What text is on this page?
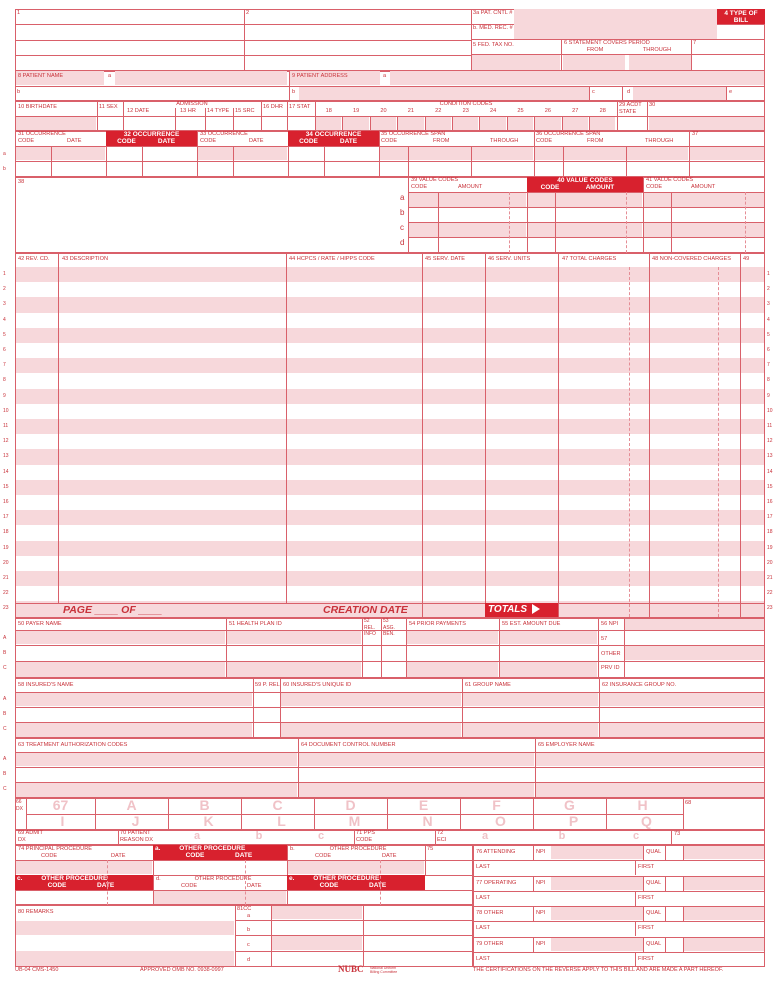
1	2	3a PAT. CNTL #
b. MED. REC. #
4 TYPE OF BILL
5 FED. TAX NO.	6 STATEMENT COVERS PERIOD
FROM	THROUGH
7
8 PATIENT NAME	a	9 PATIENT ADDRESS	a
b	b	c	d	e
10 BIRTHDATE	11 SEX	ADMISSION
12 DATE	13 HR 14 TYPE 15 SRC
16 DHR 17 STAT	CONDITION CODES
18	19	20	21	22	23	24	25	26	27	28
29 ACDT STATE
30
31 OCCURRENCE
CODE	DATE
32 OCCURRENCE
CODE	DATE
33 OCCURRENCE
CODE	DATE
34 OCCURRENCE
CODE	DATE
35 OCCURRENCE SPAN
CODE	FROM	THROUGH
36 OCCURRENCE SPAN
CODE	FROM	THROUGH
37
a
b
38	39 VALUE CODES
CODE	AMOUNT
40 VALUE CODES
CODE	AMOUNT
41 VALUE CODES
CODE	AMOUNT
a
b
c
d
42 REV. CD. 43 DESCRIPTION	44 HCPCS / RATE / HIPPS CODE	45 SERV. DATE	46 SERV. UNITS	47 TOTAL CHARGES	48 NON-COVERED CHARGES 49
1	1
2	2
3	3
4	4
5	5
6	6
7	7
8	8
9	9
10	10
11	11
12	12
13	13
14	14
15	15
16	16
17	17
18	18
19	19
20	20
21	21
22	22
23	23
PAGE ____ OF ____	CREATION DATE	TOTALS
50 PAYER NAME	51 HEALTH PLAN ID	52 REL. INFO
53 ASG. BEN.
54 PRIOR PAYMENTS	55 EST. AMOUNT DUE	56 NPI
57
OTHER
PRV ID
A
B
C
58 INSURED'S NAME	59 P. REL 60 INSURED'S UNIQUE ID	61 GROUP NAME	62 INSURANCE GROUP NO.
A
B
C
63 TREATMENT AUTHORIZATION CODES	64 DOCUMENT CONTROL NUMBER	65 EMPLOYER NAME
A
B
C
66 DX
68
67	A	B	C	D	E	F	G	H
I	J	K	L	M	N	O	P	Q
69 ADMIT DX
70 PATIENT REASON DX	a	b	c	71 PPS CODE
72 ECI	a	b	c	73
74 PRINCIPAL PROCEDURE
CODE	DATE
a.	OTHER PROCEDURE
CODE	DATE
b.	OTHER PROCEDURE
CODE	DATE
75
c.	OTHER PROCEDURE
CODE	DATE
d.	OTHER PROCEDURE
CODE	DATE
e.	OTHER PROCEDURE
CODE	DATE
76 ATTENDING	NPI	QUAL
LAST	FIRST
77 OPERATING	NPI	QUAL
LAST	FIRST
78 OTHER	NPI	QUAL
LAST	FIRST
79 OTHER	NPI	QUAL
LAST	FIRST
80 REMARKS	81CC
a
b
c
d
UB-04 CMS-1450	APPROVED OMB NO. 0938-0997	NUBC National Uniform Billing Committee	THE CERTIFICATIONS ON THE REVERSE APPLY TO THIS BILL AND ARE MADE A PART HEREOF.
